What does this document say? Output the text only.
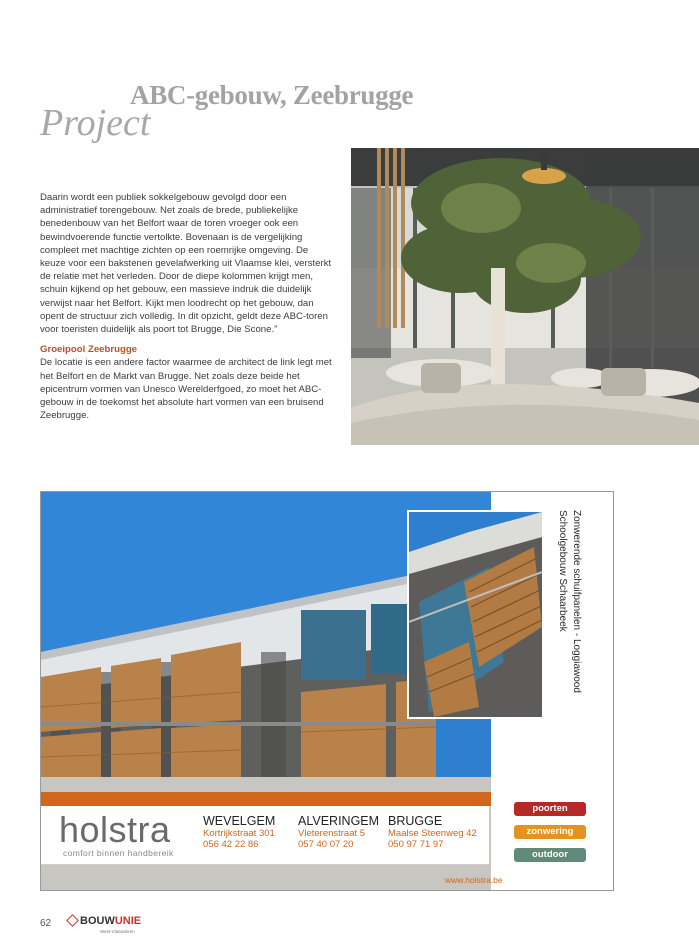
ABC-gebouw, Zeebrugge
Project

Daarin wordt een publiek sokkelgebouw gevolgd door een administratief torengebouw. Net zoals de brede, publiekelijke benedenbouw van het Belfort waar de toren vroeger ook een bewindvoerende functie vertolkte. Bovenaan is de vergelijking compleet met machtige zichten op een roemrijke omgeving. De keuze voor een bakstenen gevelafwerking uit Vlaamse klei, versterkt de relatie met het verleden. Door de diepe kolommen krijgt men, schuin kijkend op het gebouw, een massieve indruk die duidelijk verwijst naar het Belfort. Kijkt men loodrecht op het gebouw, dan opent de structuur zich volledig. In dit opzicht, geldt deze ABC-toren voor toeristen duidelijk als poort tot Brugge, Die Scone.”

Groeipool Zeebrugge

De locatie is een andere factor waarmee de architect de link legt met het Belfort en de Markt van Brugge. Net zoals deze beide het epicentrum vormen van Unesco Werelderfgoed, zo moet het ABC-gebouw in de toekomst het absolute hart vormen van een bruisend Zeebrugge.

Zonwerende schuifpanelen - Loggiawood
Schoolgebouw Schaarbeek
holstra
comfort binnen handbereik
WEVELGEM
Kortrijkstraat 301
056 42 22 86
ALVERINGEM
Vleterenstraat 5
057 40 07 20
BRUGGE
Maalse Steenweg 42
050 97 71 97
www.holstra.be
poorten
zonwering
outdoor
62	BOUWUNIE
West-Vlaanderen
